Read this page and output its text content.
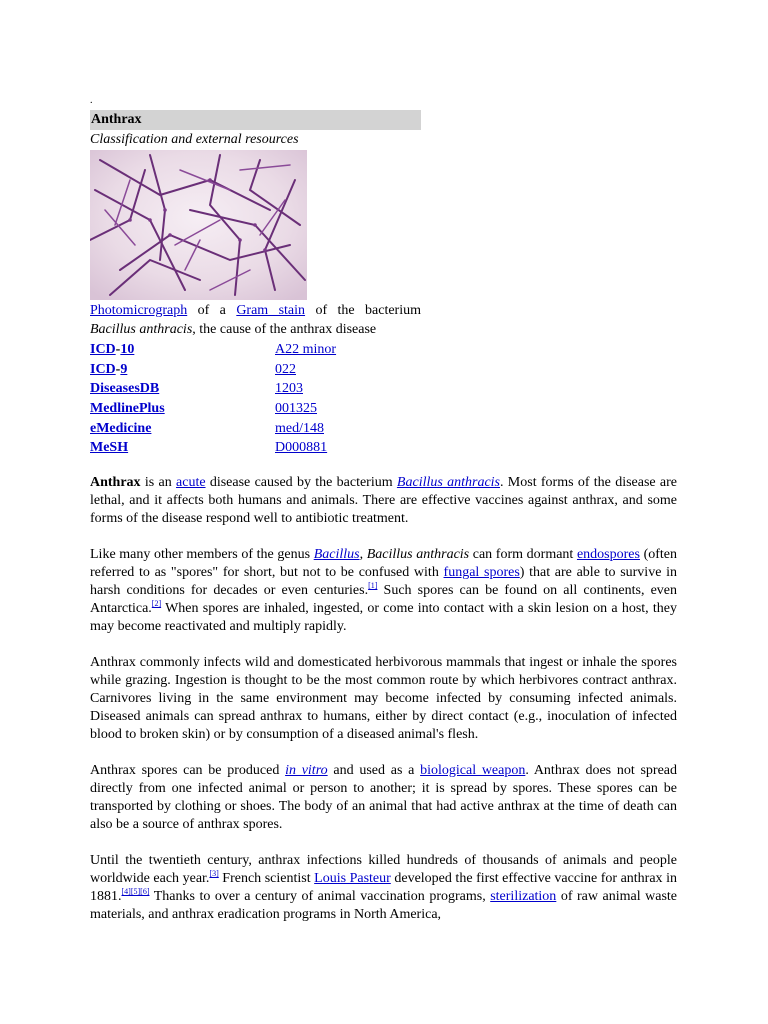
.
Anthrax
Classification and external resources
Photomicrograph of a Gram stain of the bacterium
Bacillus anthracis, the cause of the anthrax disease
ICD-10	A22 minor
ICD-9	022
DiseasesDB	1203
MedlinePlus	001325
eMedicine	med/148
MeSH	D000881

Anthrax is an acute disease caused by the bacterium Bacillus anthracis. Most forms of the disease are lethal, and it affects both humans and animals. There are effective vaccines against anthrax, and some forms of the disease respond well to antibiotic treatment.

Like many other members of the genus Bacillus, Bacillus anthracis can form dormant endospores (often referred to as "spores" for short, but not to be confused with fungal spores) that are able to survive in harsh conditions for decades or even centuries.[1] Such spores can be found on all continents, even Antarctica.[2] When spores are inhaled, ingested, or come into contact with a skin lesion on a host, they may become reactivated and multiply rapidly.

Anthrax commonly infects wild and domesticated herbivorous mammals that ingest or inhale the spores while grazing. Ingestion is thought to be the most common route by which herbivores contract anthrax. Carnivores living in the same environment may become infected by consuming infected animals. Diseased animals can spread anthrax to humans, either by direct contact (e.g., inoculation of infected blood to broken skin) or by consumption of a diseased animal's flesh.

Anthrax spores can be produced in vitro and used as a biological weapon. Anthrax does not spread directly from one infected animal or person to another; it is spread by spores. These spores can be transported by clothing or shoes. The body of an animal that had active anthrax at the time of death can also be a source of anthrax spores.

Until the twentieth century, anthrax infections killed hundreds of thousands of animals and people worldwide each year.[3] French scientist Louis Pasteur developed the first effective vaccine for anthrax in 1881.[4][5][6] Thanks to over a century of animal vaccination programs, sterilization of raw animal waste materials, and anthrax eradication programs in North America,
